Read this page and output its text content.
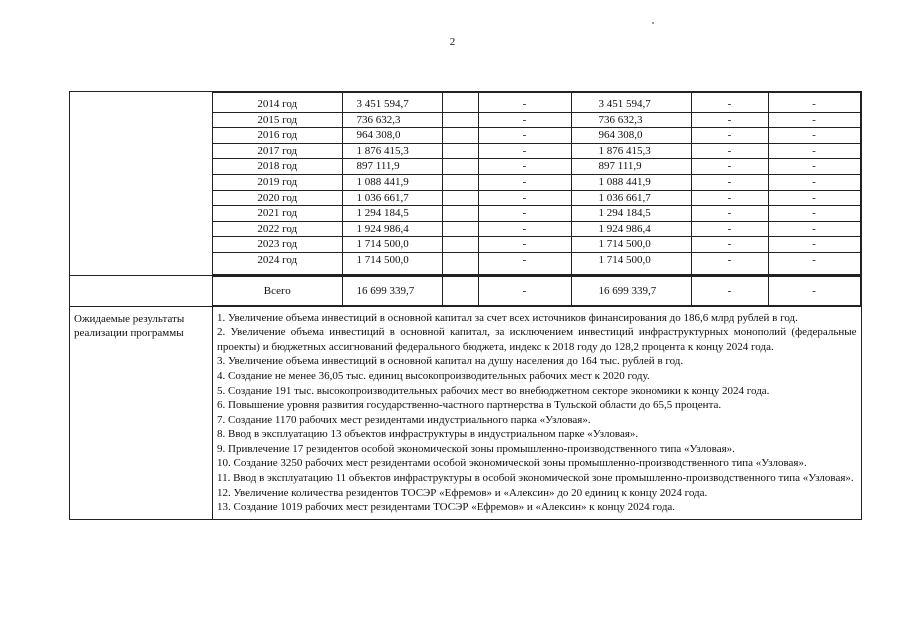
2

2014 год	3 451 594,7		-	3 451 594,7	-	-
2015 год	736 632,3		-	736 632,3	-	-
2016 год	964 308,0		-	964 308,0	-	-
2017 год	1 876 415,3		-	1 876 415,3	-	-
2018 год	897 111,9		-	897 111,9	-	-
2019 год	1 088 441,9		-	1 088 441,9	-	-
2020 год	1 036 661,7		-	1 036 661,7	-	-
2021 год	1 294 184,5		-	1 294 184,5	-	-
2022 год	1 924 986,4		-	1 924 986,4	-	-
2023 год	1 714 500,0		-	1 714 500,0	-	-
2024 год	1 714 500,0		-	1 714 500,0	-	-

Всего	16 699 339,7		-	16 699 339,7	-	-

Ожидаемые результаты реализации программы	

1. Увеличение объема инвестиций в основной капитал за счет всех источников финансирования до 186,6 млрд рублей в год.

2. Увеличение объема инвестиций в основной капитал, за исключением инвестиций инфраструктурных монополий (федеральные проекты) и бюджетных ассигнований федерального бюджета, индекс к 2018 году до 128,2 процента к концу 2024 года.

3. Увеличение объема инвестиций в основной капитал на душу населения до 164 тыс. рублей в год.

4. Создание не менее 36,05 тыс. единиц высокопроизводительных рабочих мест к 2020 году.

5. Создание 191 тыс. высокопроизводительных рабочих мест во внебюджетном секторе экономики к концу 2024 года.

6. Повышение уровня развития государственно-частного партнерства в Тульской области до 65,5 процента.

7. Создание 1170 рабочих мест резидентами индустриального парка «Узловая».

8. Ввод в эксплуатацию 13 объектов инфраструктуры в индустриальном парке «Узловая».

9. Привлечение 17 резидентов особой экономической зоны промышленно-производственного типа «Узловая».

10. Создание 3250 рабочих мест резидентами особой экономической зоны промышленно-производственного типа «Узловая».

11. Ввод в эксплуатацию 11 объектов инфраструктуры в особой экономической зоне промышленно-производственного типа «Узловая».

12. Увеличение количества резидентов ТОСЭР «Ефремов» и «Алексин» до 20 единиц к концу 2024 года.

13. Создание 1019 рабочих мест резидентами ТОСЭР «Ефремов» и «Алексин» к концу 2024 года.
